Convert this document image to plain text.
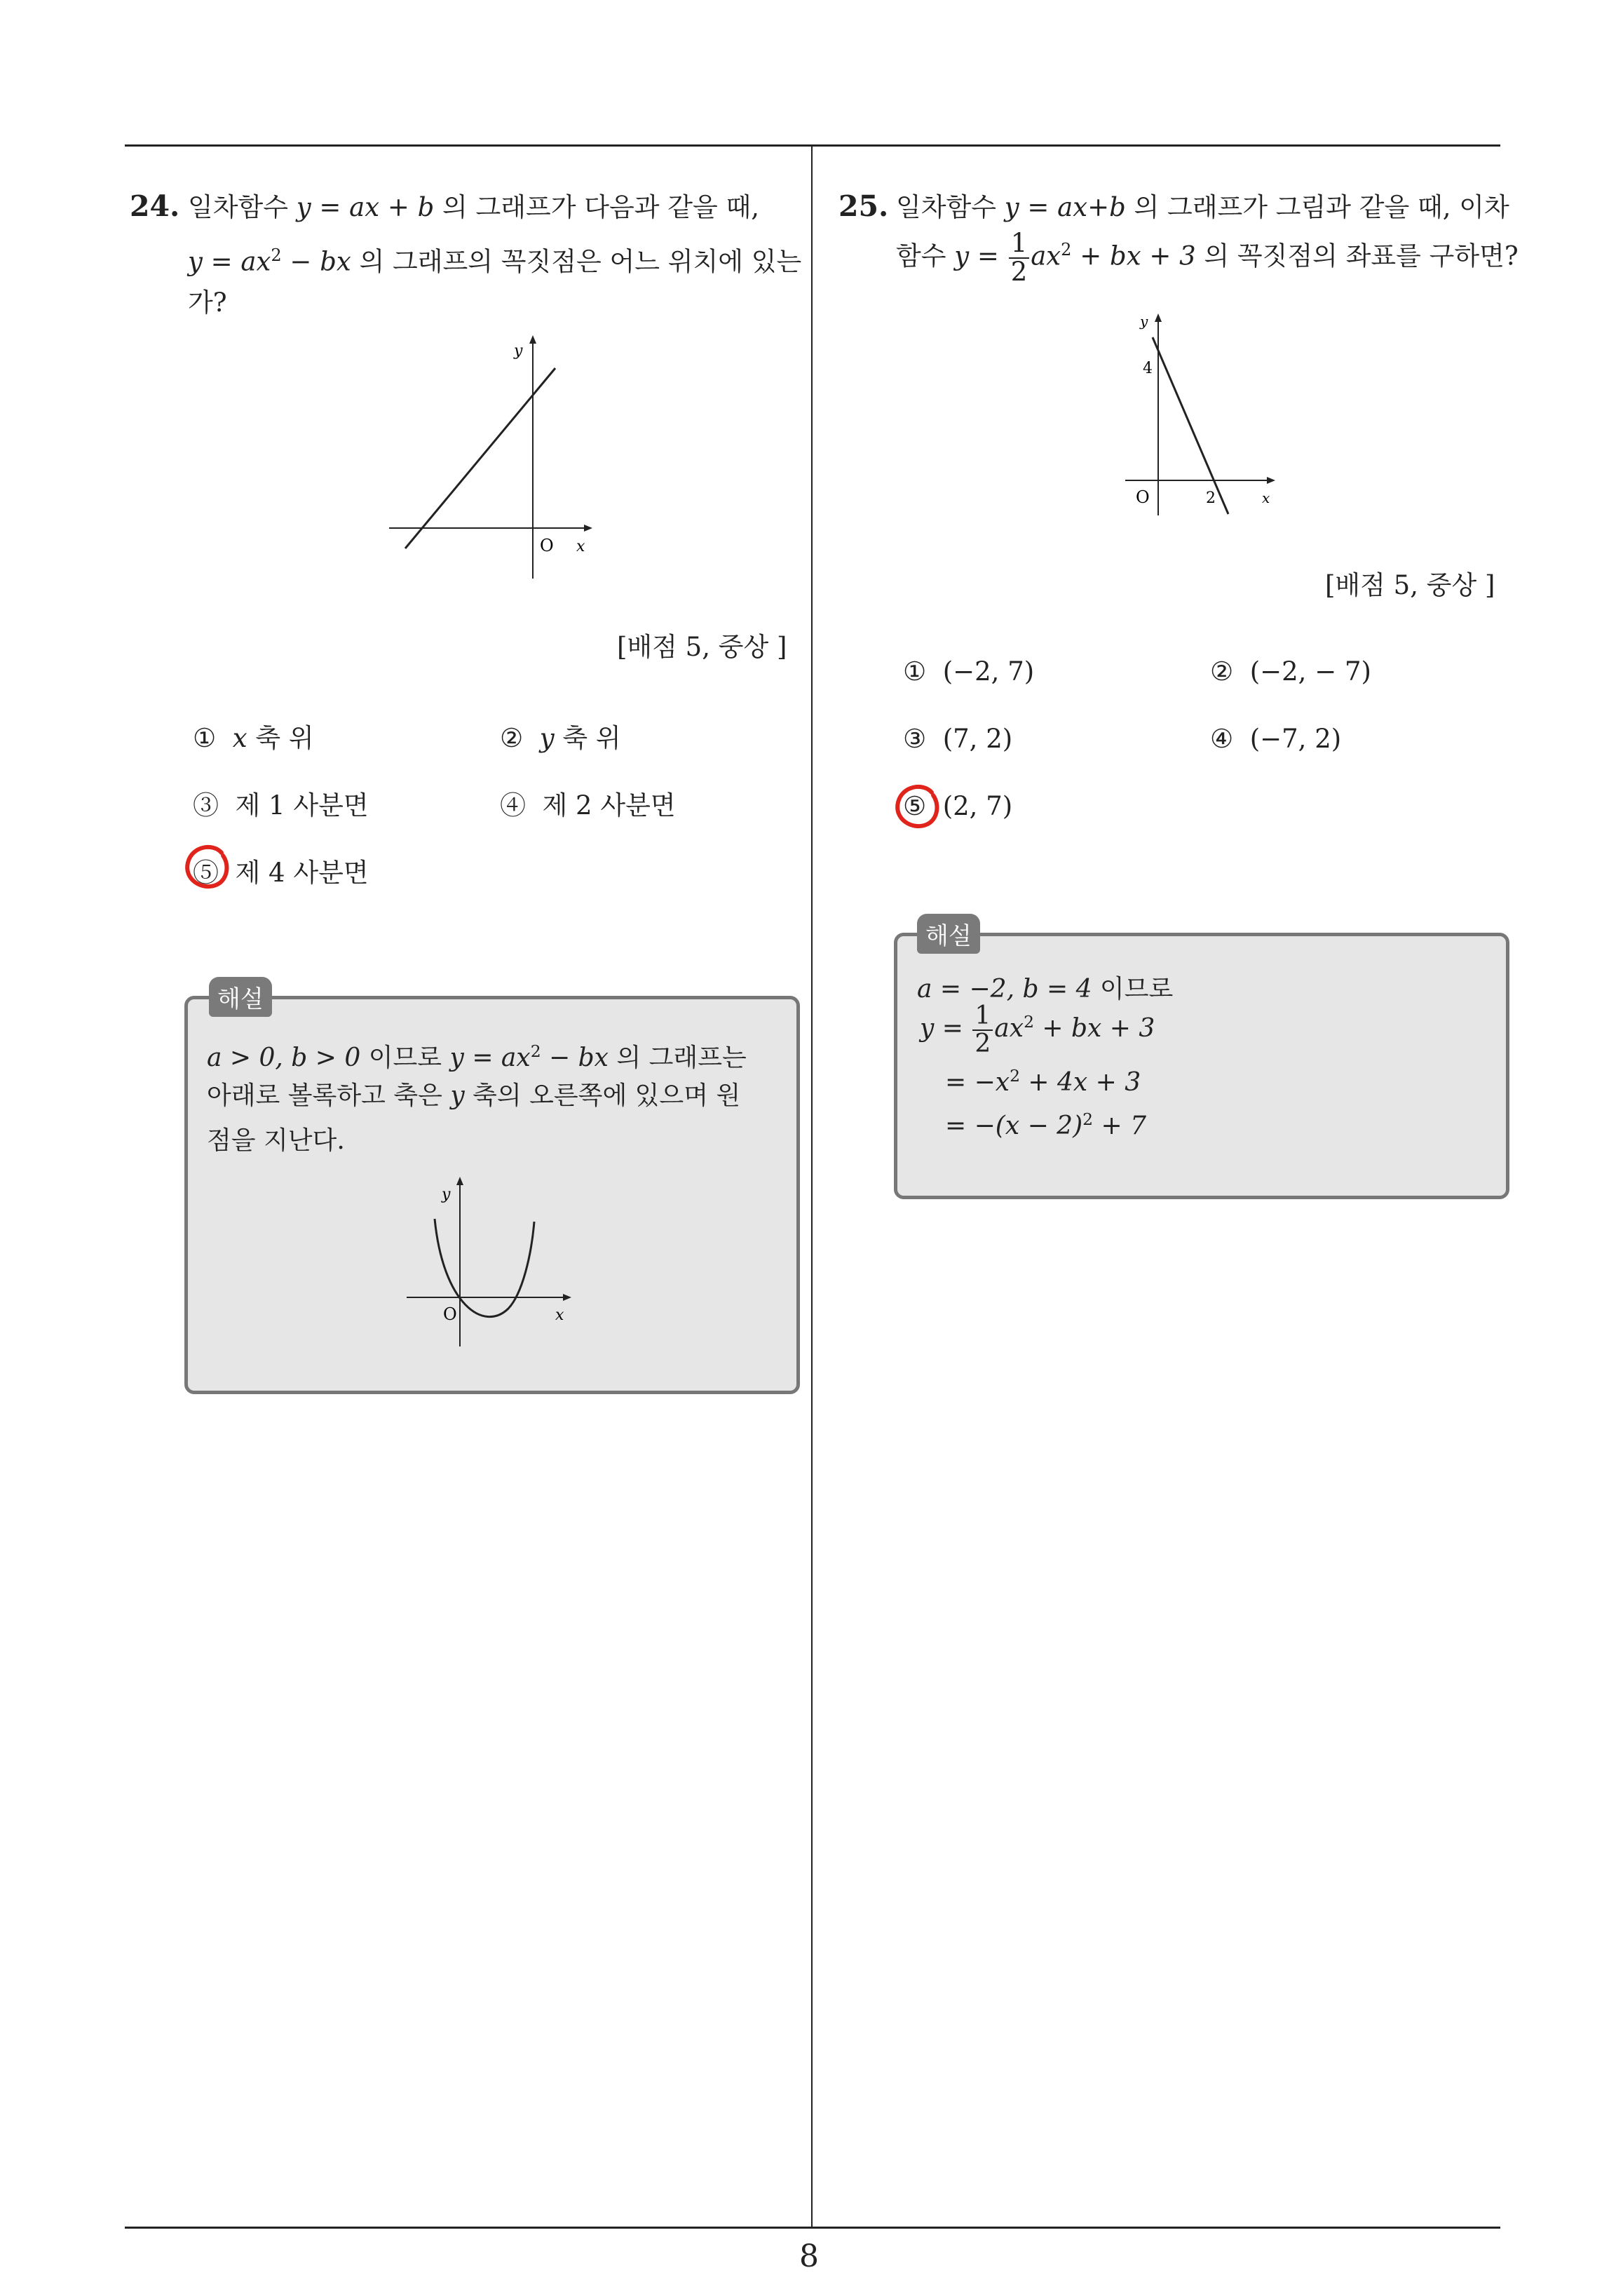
8
24. 일차함수 y = ax + b 의 그래프가 다음과 같을 때,
$y = ax^2$ − bx 의 그래프의 꼭짓점은 어느 위치에 있는
가?
y
O x
[배점 5, 중상 ]
① x 축 위	② y 축 위
③ 제 1 사분면	④ 제 2 사분면
⑤ 제 4 사분면
해설
a > 0, b > 0 이므로 $y = ax^2$ − bx 의 그래프는
아래로 볼록하고 축은 y 축의 오른쪽에 있으며 원
점을 지난다.
y
O	x
25. 일차함수 y = ax+b 의 그래프가 그림과 같을 때, 이차
함수 $y = \frac{1}{2} ax^2$ + bx + 3 의 꼭짓점의 좌표를 구하면?
y
4
O	2	x
[배점 5, 중상 ]
① (−2, 7)	② (−2, − 7)
③ (7, 2)	④ (−7, 2)
⑤ (2, 7)
해설
a = −2, b = 4 이므로
$y = \frac{1}{2} ax^2$ + bx + 3
= $-x^2 + 4x + 3$
= $-(x - 2)^2 + 7$
